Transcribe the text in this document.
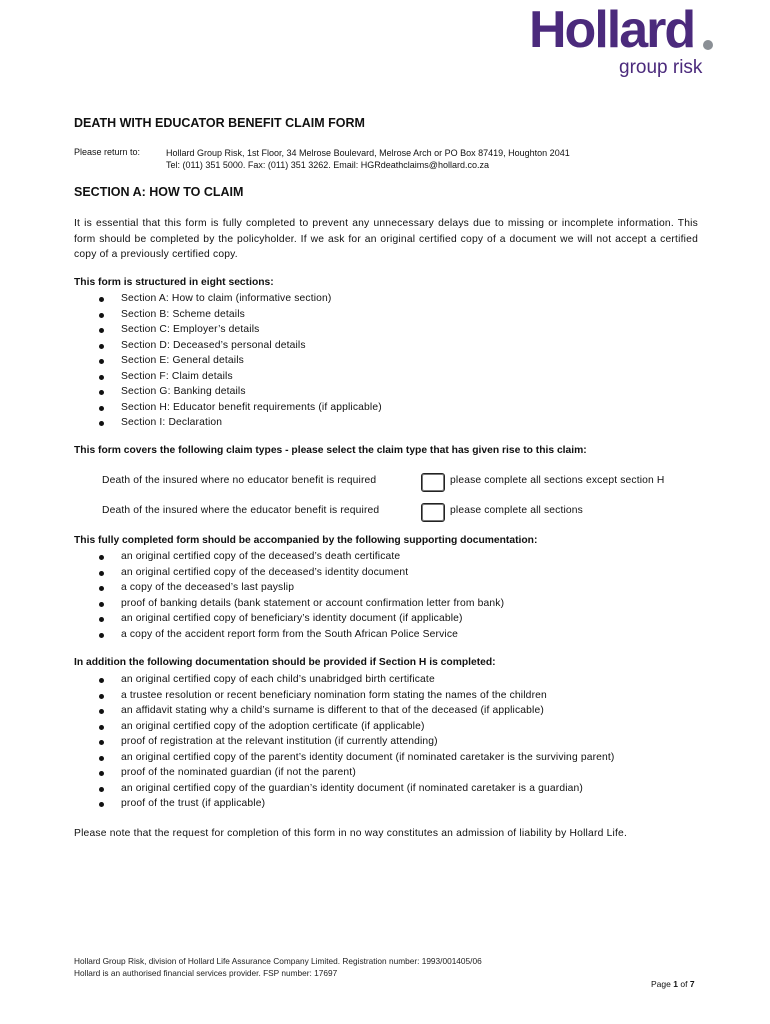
Hollard
group risk
DEATH WITH EDUCATOR BENEFIT CLAIM FORM
Please return to:	Hollard Group Risk, 1st Floor, 34 Melrose Boulevard, Melrose Arch or PO Box 87419, Houghton 2041
Tel: (011) 351 5000. Fax: (011) 351 3262. Email: HGRdeathclaims@hollard.co.za
SECTION A: HOW TO CLAIM
It is essential that this form is fully completed to prevent any unnecessary delays due to missing or incomplete information. This form should be completed by the policyholder. If we ask for an original certified copy of a document we will not accept a certified copy of a previously certified copy.
This form is structured in eight sections:
Section A: How to claim (informative section)
Section B: Scheme details
Section C: Employer’s details
Section D: Deceased’s personal details
Section E: General details
Section F: Claim details
Section G: Banking details
Section H: Educator benefit requirements (if applicable)
Section I: Declaration
This form covers the following claim types - please select the claim type that has given rise to this claim:
Death of the insured where no educator benefit is required	please complete all sections except section H
Death of the insured where the educator benefit is required	please complete all sections
This fully completed form should be accompanied by the following supporting documentation:
an original certified copy of the deceased’s death certificate
an original certified copy of the deceased’s identity document
a copy of the deceased’s last payslip
proof of banking details (bank statement or account confirmation letter from bank)
an original certified copy of beneficiary’s identity document (if applicable)
a copy of the accident report form from the South African Police Service
In addition the following documentation should be provided if Section H is completed:
an original certified copy of each child’s unabridged birth certificate
a trustee resolution or recent beneficiary nomination form stating the names of the children
an affidavit stating why a child’s surname is different to that of the deceased (if applicable)
an original certified copy of the adoption certificate (if applicable)
proof of registration at the relevant institution (if currently attending)
an original certified copy of the parent’s identity document (if nominated caretaker is the surviving parent)
proof of the nominated guardian (if not the parent)
an original certified copy of the guardian’s identity document (if nominated caretaker is a guardian)
proof of the trust (if applicable)
Please note that the request for completion of this form in no way constitutes an admission of liability by Hollard Life.
Hollard Group Risk, division of Hollard Life Assurance Company Limited. Registration number: 1993/001405/06
Hollard is an authorised financial services provider. FSP number: 17697
Page 1 of 7
